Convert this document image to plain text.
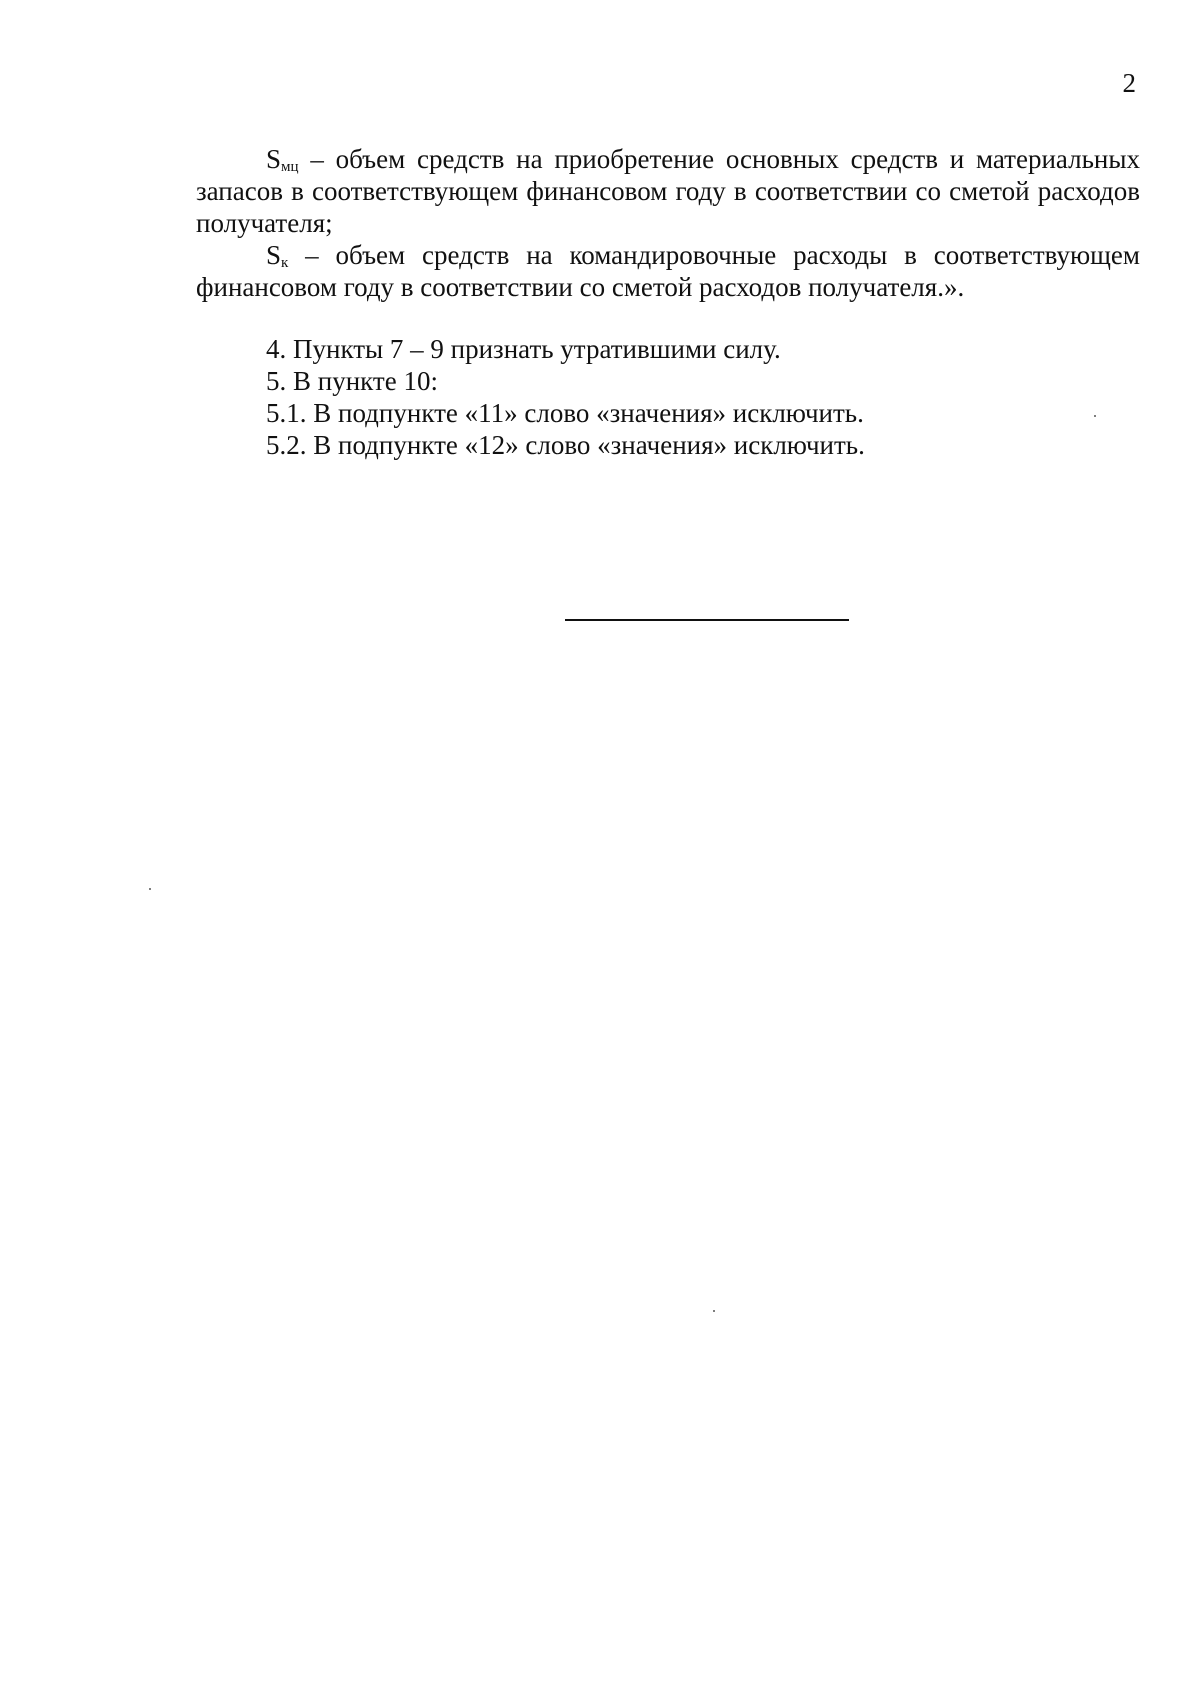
2

$S_{мц}$ – объем средств на приобретение основных средств и материальных запасов в соответствующем финансовом году в соответствии со сметой расходов получателя;

$S_к$ – объем средств на командировочные расходы в соответствующем финансовом году в соответствии со сметой расходов получателя.».

4. Пункты 7 – 9 признать утратившими силу.

5. В пункте 10:

5.1. В подпункте «11» слово «значения» исключить.

5.2. В подпункте «12» слово «значения» исключить.
